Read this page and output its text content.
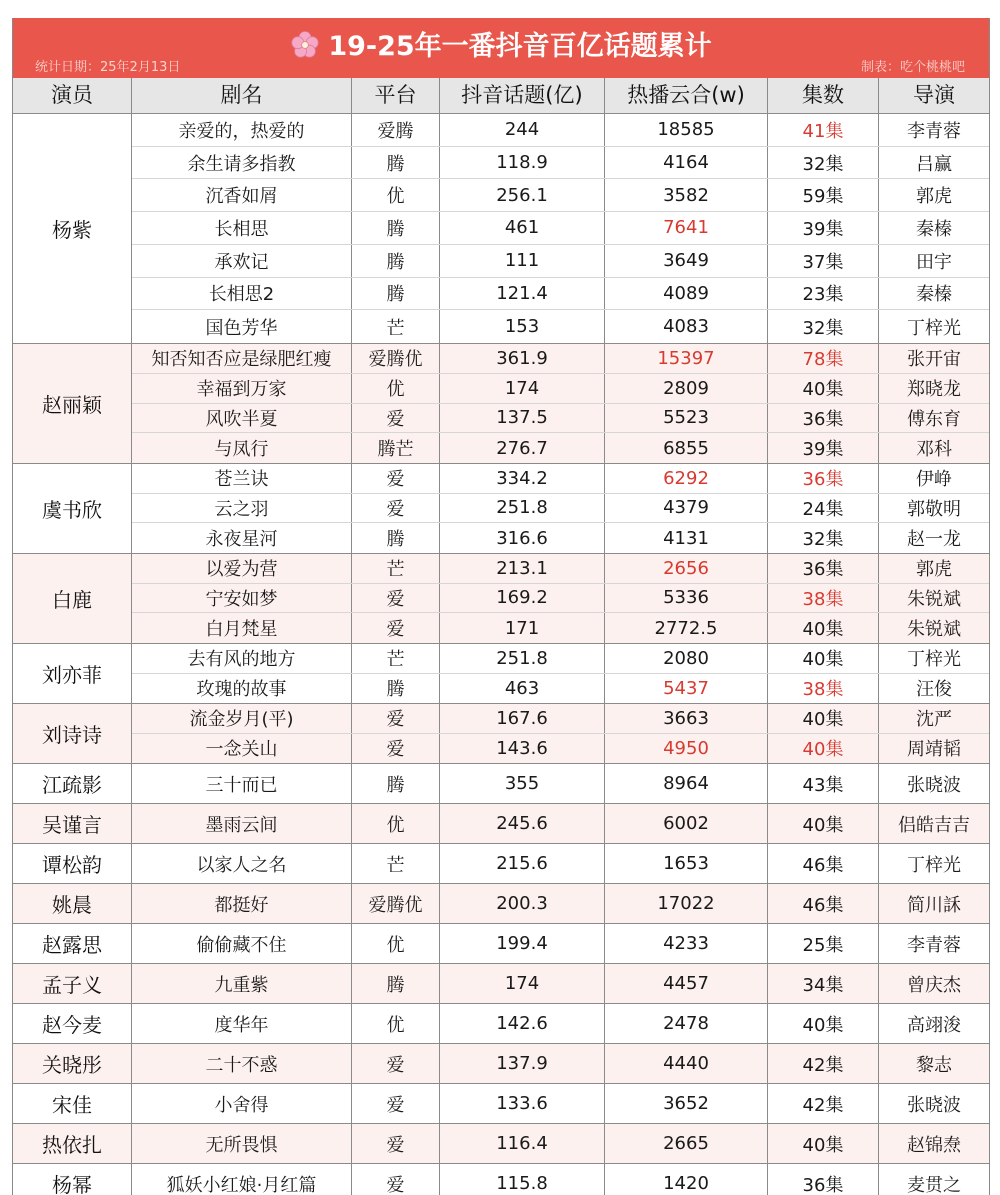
19-25年一番抖音百亿话题累计
统计日期：25年2月13日	制表：吃个桃桃吧
演员	剧名	平台	抖音话题(亿)	热播云合(w)	集数	导演
杨紫
亲爱的，热爱的	爱腾	244	18585	41集	李青蓉
余生请多指教	腾	118.9	4164	32集	吕赢
沉香如屑	优	256.1	3582	59集	郭虎
长相思	腾	461	7641	39集	秦榛
承欢记	腾	111	3649	37集	田宇
长相思2	腾	121.4	4089	23集	秦榛
国色芳华	芒	153	4083	32集	丁梓光
赵丽颖
知否知否应是绿肥红瘦	爱腾优	361.9	15397	78集	张开宙
幸福到万家	优	174	2809	40集	郑晓龙
风吹半夏	爱	137.5	5523	36集	傅东育
与凤行	腾芒	276.7	6855	39集	邓科
虞书欣
苍兰诀	爱	334.2	6292	36集	伊峥
云之羽	爱	251.8	4379	24集	郭敬明
永夜星河	腾	316.6	4131	32集	赵一龙
白鹿
以爱为营	芒	213.1	2656	36集	郭虎
宁安如梦	爱	169.2	5336	38集	朱锐斌
白月梵星	爱	171	2772.5	40集	朱锐斌
刘亦菲
去有风的地方	芒	251.8	2080	40集	丁梓光
玫瑰的故事	腾	463	5437	38集	汪俊
刘诗诗
流金岁月(平)	爱	167.6	3663	40集	沈严
一念关山	爱	143.6	4950	40集	周靖韬
江疏影	三十而已	腾	355	8964	43集	张晓波
吴谨言	墨雨云间	优	245.6	6002	40集	侣皓吉吉
谭松韵	以家人之名	芒	215.6	1653	46集	丁梓光
姚晨	都挺好	爱腾优	200.3	17022	46集	简川訸
赵露思	偷偷藏不住	优	199.4	4233	25集	李青蓉
孟子义	九重紫	腾	174	4457	34集	曾庆杰
赵今麦	度华年	优	142.6	2478	40集	高翊浚
关晓彤	二十不惑	爱	137.9	4440	42集	黎志
宋佳	小舍得	爱	133.6	3652	42集	张晓波
热依扎	无所畏惧	爱	116.4	2665	40集	赵锦焘
杨幂	狐妖小红娘·月红篇	爱	115.8	1420	36集	麦贯之
